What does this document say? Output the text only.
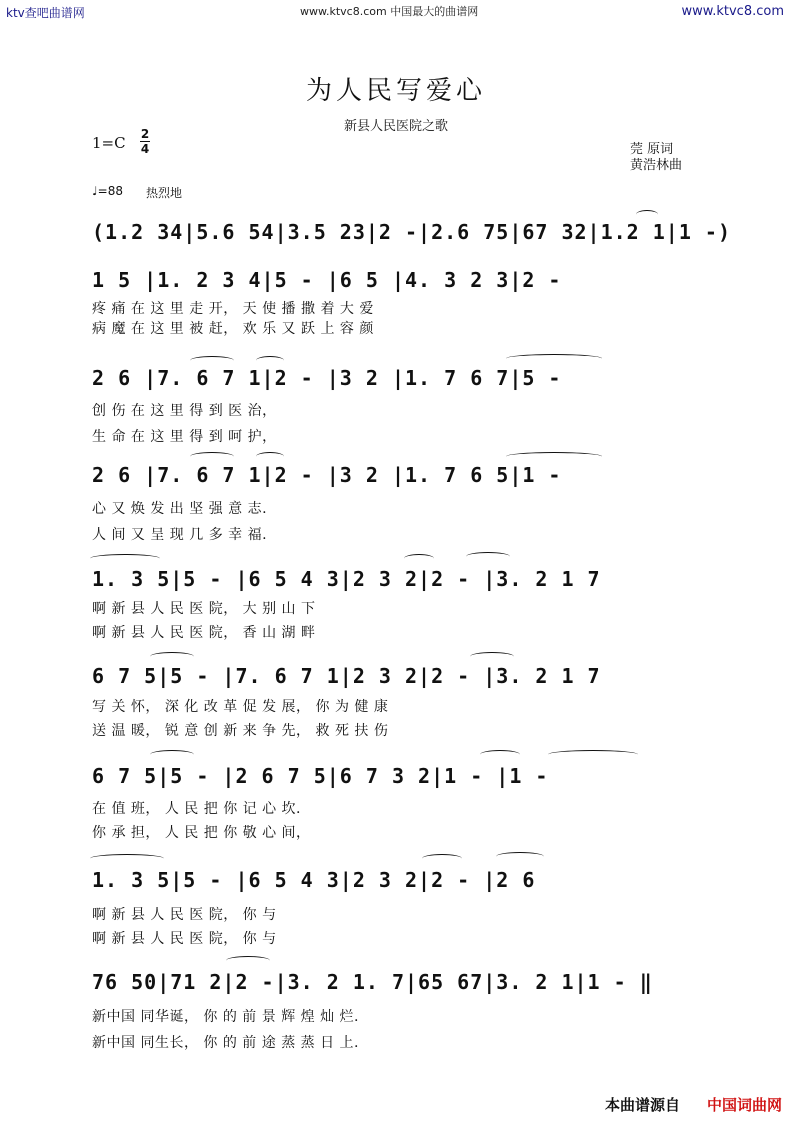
ktv查吧曲谱网	www.ktvc8.com 中国最大的曲谱网	www.ktvc8.com
为人民写爱心
新县人民医院之歌
1=C 2
4	莞 原词
黄浩林曲
♩=88 热烈地
(1.2 34|5.6 54|3.5 23|2 -|2.6 75|67 32|1.2 1|1 -)
1 5 |1. 2 3 4|5 - |6 5 |4. 3 2 3|2 -
疼 痛 在 这 里 走 开， 天 使 播 撒 着 大 爱
病 魔 在 这 里 被 赶， 欢 乐 又 跃 上 容 颜
2 6 |7. 6 7 1|2 - |3 2 |1. 7 6 7|5 -
创 伤 在 这 里 得 到 医 治，
生 命 在 这 里 得 到 呵 护，
2 6 |7. 6 7 1|2 - |3 2 |1. 7 6 5|1 -
心 又 焕 发 出 坚 强 意 志.
人 间 又 呈 现 几 多 幸 福.
1. 3 5|5 - |6 5 4 3|2 3 2|2 - |3. 2 1 7
啊 新 县 人 民 医 院， 大 别 山 下
啊 新 县 人 民 医 院， 香 山 湖 畔
6 7 5|5 - |7. 6 7 1|2 3 2|2 - |3. 2 1 7
写 关 怀， 深 化 改 革 促 发 展， 你 为 健 康
送 温 暖， 锐 意 创 新 来 争 先， 救 死 扶 伤
6 7 5|5 - |2 6 7 5|6 7 3 2|1 - |1 -
在 值 班， 人 民 把 你 记 心 坎.
你 承 担， 人 民 把 你 敬 心 间，
1. 3 5|5 - |6 5 4 3|2 3 2|2 - |2 6
啊 新 县 人 民 医 院， 你 与
啊 新 县 人 民 医 院， 你 与
76 50|71 2|2 -|3. 2 1. 7|65 67|3. 2 1|1 - ‖
新中国 同华诞， 你 的 前 景 辉 煌 灿 烂.
新中国 同生长， 你 的 前 途 蒸 蒸 日 上.
本曲谱源自 中国词曲网
